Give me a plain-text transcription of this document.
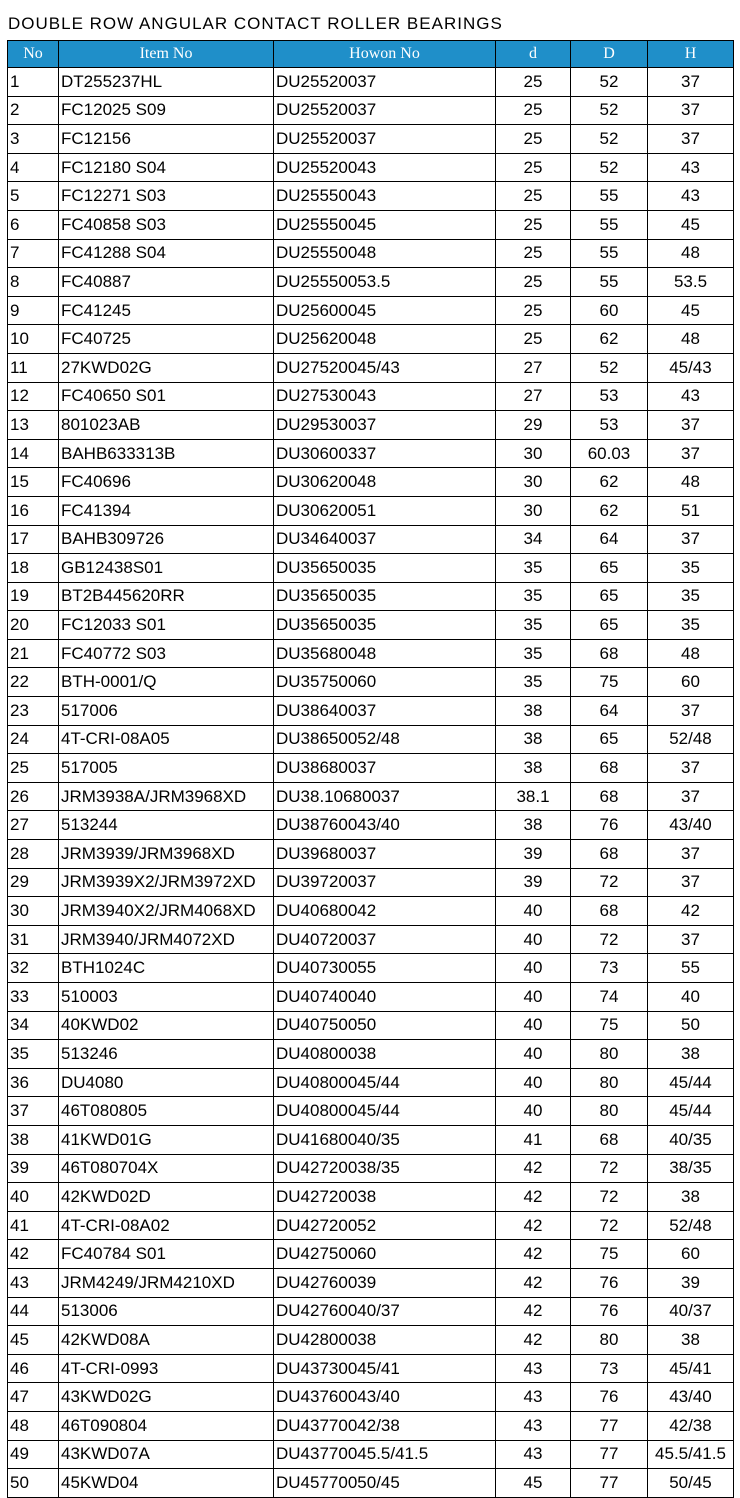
DOUBLE ROW ANGULAR CONTACT ROLLER BEARINGS
No	Item No	Howon No	d	D	H
1	DT255237HL	DU25520037	25	52	37
2	FC12025 S09	DU25520037	25	52	37
3	FC12156	DU25520037	25	52	37
4	FC12180 S04	DU25520043	25	52	43
5	FC12271 S03	DU25550043	25	55	43
6	FC40858 S03	DU25550045	25	55	45
7	FC41288 S04	DU25550048	25	55	48
8	FC40887	DU25550053.5	25	55	53.5
9	FC41245	DU25600045	25	60	45
10	FC40725	DU25620048	25	62	48
11	27KWD02G	DU27520045/43	27	52	45/43
12	FC40650 S01	DU27530043	27	53	43
13	801023AB	DU29530037	29	53	37
14	BAHB633313B	DU30600337	30	60.03	37
15	FC40696	DU30620048	30	62	48
16	FC41394	DU30620051	30	62	51
17	BAHB309726	DU34640037	34	64	37
18	GB12438S01	DU35650035	35	65	35
19	BT2B445620RR	DU35650035	35	65	35
20	FC12033 S01	DU35650035	35	65	35
21	FC40772 S03	DU35680048	35	68	48
22	BTH-0001/Q	DU35750060	35	75	60
23	517006	DU38640037	38	64	37
24	4T-CRI-08A05	DU38650052/48	38	65	52/48
25	517005	DU38680037	38	68	37
26	JRM3938A/JRM3968XD	DU38.10680037	38.1	68	37
27	513244	DU38760043/40	38	76	43/40
28	JRM3939/JRM3968XD	DU39680037	39	68	37
29	JRM3939X2/JRM3972XD	DU39720037	39	72	37
30	JRM3940X2/JRM4068XD	DU40680042	40	68	42
31	JRM3940/JRM4072XD	DU40720037	40	72	37
32	BTH1024C	DU40730055	40	73	55
33	510003	DU40740040	40	74	40
34	40KWD02	DU40750050	40	75	50
35	513246	DU40800038	40	80	38
36	DU4080	DU40800045/44	40	80	45/44
37	46T080805	DU40800045/44	40	80	45/44
38	41KWD01G	DU41680040/35	41	68	40/35
39	46T080704X	DU42720038/35	42	72	38/35
40	42KWD02D	DU42720038	42	72	38
41	4T-CRI-08A02	DU42720052	42	72	52/48
42	FC40784 S01	DU42750060	42	75	60
43	JRM4249/JRM4210XD	DU42760039	42	76	39
44	513006	DU42760040/37	42	76	40/37
45	42KWD08A	DU42800038	42	80	38
46	4T-CRI-0993	DU43730045/41	43	73	45/41
47	43KWD02G	DU43760043/40	43	76	43/40
48	46T090804	DU43770042/38	43	77	42/38
49	43KWD07A	DU43770045.5/41.5	43	77	45.5/41.5
50	45KWD04	DU45770050/45	45	77	50/45
